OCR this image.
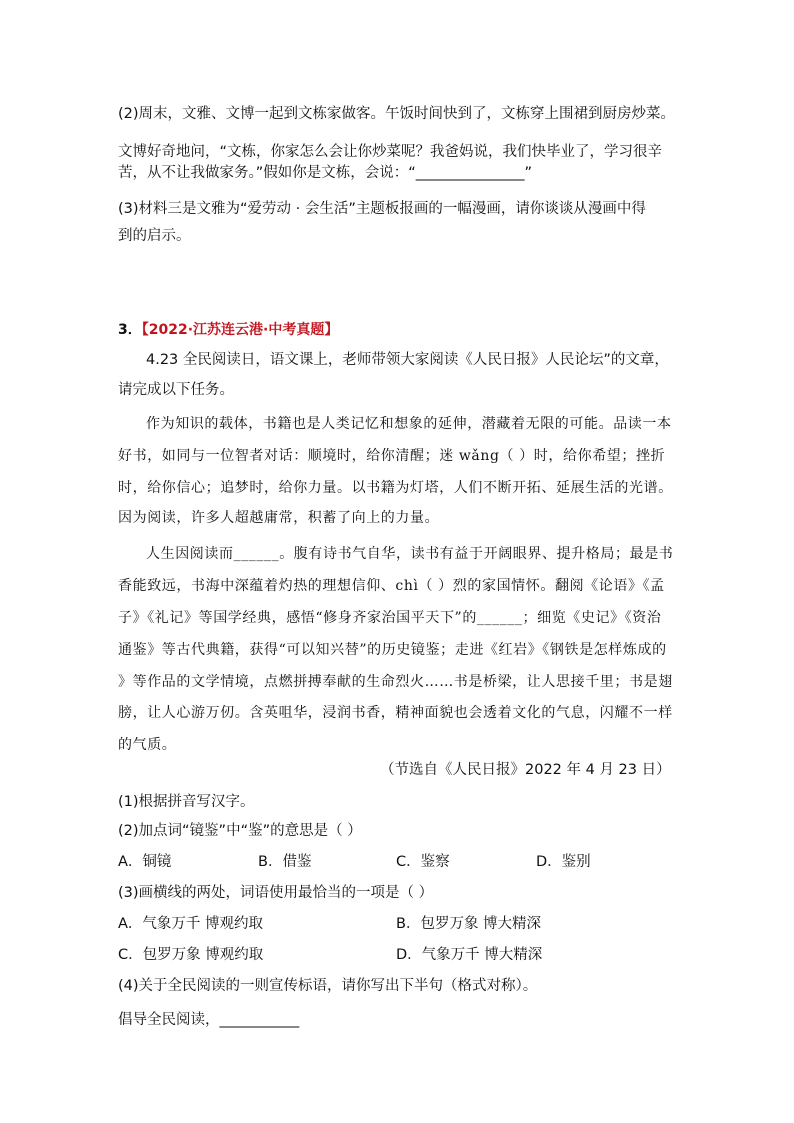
(2)周末，文雅、文博一起到文栋家做客。午饭时间快到了，文栋穿上围裙到厨房炒菜。
文博好奇地问，“文栋，你家怎么会让你炒菜呢？我爸妈说，我们快毕业了，学习很辛
苦，从不让我做家务。”假如你是文栋，会说：“_______________”
(3)材料三是文雅为“爱劳动 · 会生活”主题板报画的一幅漫画，请你谈谈从漫画中得
到的启示。
3．【2022·江苏连云港·中考真题】
4.23 全民阅读日，语文课上，老师带领大家阅读《人民日报》人民论坛”的文章，
请完成以下任务。
作为知识的载体，书籍也是人类记忆和想象的延伸，潜藏着无限的可能。品读一本
好书，如同与一位智者对话：顺境时，给你清醒；迷 wǎng（ ）时，给你希望；挫折
时，给你信心；追梦时，给你力量。以书籍为灯塔，人们不断开拓、延展生活的光谱。
因为阅读，许多人超越庸常，积蓄了向上的力量。
人生因阅读而______。腹有诗书气自华，读书有益于开阔眼界、提升格局；最是书
香能致远，书海中深蕴着灼热的理想信仰、chì（ ）烈的家国情怀。翻阅《论语》《孟
子》《礼记》等国学经典，感悟“修身齐家治国平天下”的______；细览《史记》《资治
通鉴》等古代典籍，获得“可以知兴替”的历史镜鉴；走进《红岩》《钢铁是怎样炼成的
》等作品的文学情境，点燃拼搏奉献的生命烈火……书是桥梁，让人思接千里；书是翅
膀，让人心游万仞。含英咀华，浸润书香，精神面貌也会透着文化的气息，闪耀不一样
的气质。
（节选自《人民日报》2022 年 4 月 23 日）
(1)根据拼音写汉字。
(2)加点词“镜鉴”中“鉴”的意思是（ ）
A．铜镜	B．借鉴	C．鉴察	D．鉴别
(3)画横线的两处，词语使用最恰当的一项是（ ）
A．气象万千 博观约取	B．包罗万象 博大精深
C．包罗万象 博观约取	D．气象万千 博大精深
(4)关于全民阅读的一则宣传标语，请你写出下半句（格式对称）。
倡导全民阅读，___________
